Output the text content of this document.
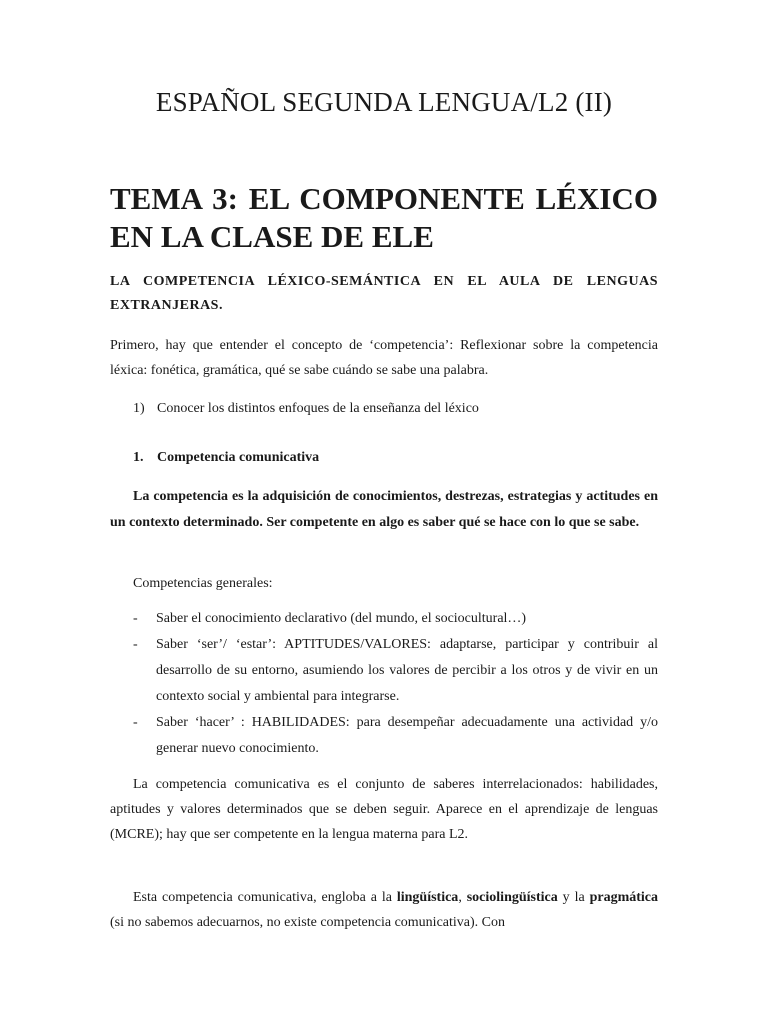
ESPAÑOL SEGUNDA LENGUA/L2 (II)
TEMA 3: EL COMPONENTE LÉXICO
EN LA CLASE DE ELE
LA COMPETENCIA LÉXICO-SEMÁNTICA EN EL AULA DE LENGUAS EXTRANJERAS.
Primero, hay que entender el concepto de ‘competencia’: Reflexionar sobre la competencia léxica: fonética, gramática, qué se sabe cuándo se sabe una palabra.
1) Conocer los distintos enfoques de la enseñanza del léxico
1. Competencia comunicativa
La competencia es la adquisición de conocimientos, destrezas, estrategias y actitudes en un contexto determinado. Ser competente en algo es saber qué se hace con lo que se sabe.
Competencias generales:
- Saber el conocimiento declarativo (del mundo, el sociocultural…)
- Saber ‘ser’/ ‘estar’: APTITUDES/VALORES: adaptarse, participar y contribuir al desarrollo de su entorno, asumiendo los valores de percibir a los otros y de vivir en un contexto social y ambiental para integrarse.
- Saber ‘hacer’ : HABILIDADES: para desempeñar adecuadamente una actividad y/o generar nuevo conocimiento.
La competencia comunicativa es el conjunto de saberes interrelacionados: habilidades, aptitudes y valores determinados que se deben seguir. Aparece en el aprendizaje de lenguas (MCRE); hay que ser competente en la lengua materna para L2.
Esta competencia comunicativa, engloba a la lingüística, sociolingüística y la pragmática (si no sabemos adecuarnos, no existe competencia comunicativa). Con
